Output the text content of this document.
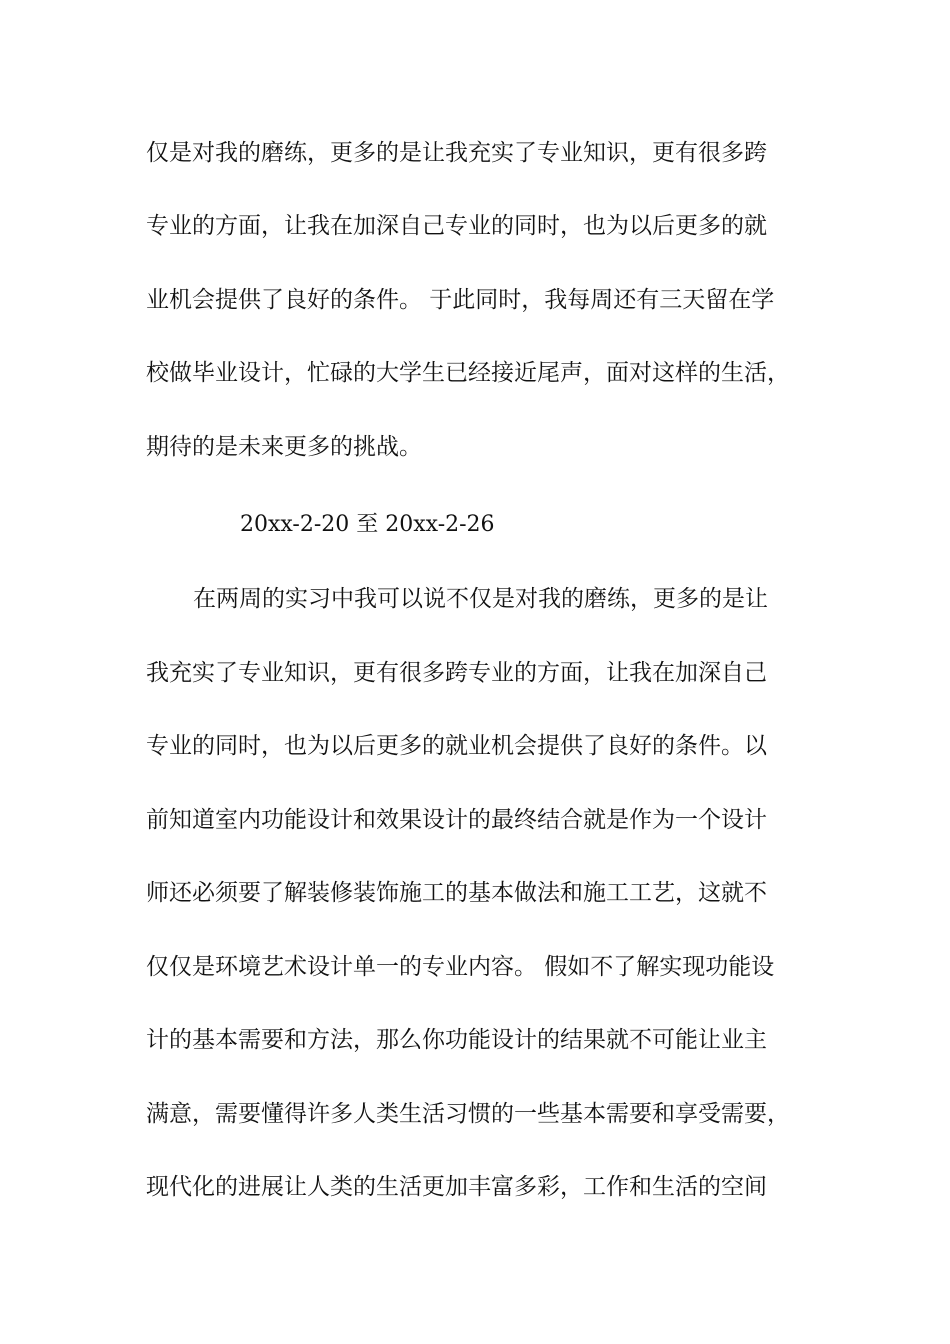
仅是对我的磨练，更多的是让我充实了专业知识，更有很多跨
专业的方面，让我在加深自己专业的同时，也为以后更多的就
业机会提供了良好的条件。 于此同时，我每周还有三天留在学
校做毕业设计，忙碌的大学生已经接近尾声，面对这样的生活，
期待的是未来更多的挑战。
20xx-2-20 至 20xx-2-26
在两周的实习中我可以说不仅是对我的磨练，更多的是让
我充实了专业知识，更有很多跨专业的方面，让我在加深自己
专业的同时，也为以后更多的就业机会提供了良好的条件。以
前知道室内功能设计和效果设计的最终结合就是作为一个设计
师还必须要了解装修装饰施工的基本做法和施工工艺，这就不
仅仅是环境艺术设计单一的专业内容。 假如不了解实现功能设
计的基本需要和方法，那么你功能设计的结果就不可能让业主
满意，需要懂得许多人类生活习惯的一些基本需要和享受需要，
现代化的进展让人类的生活更加丰富多彩，工作和生活的空间
